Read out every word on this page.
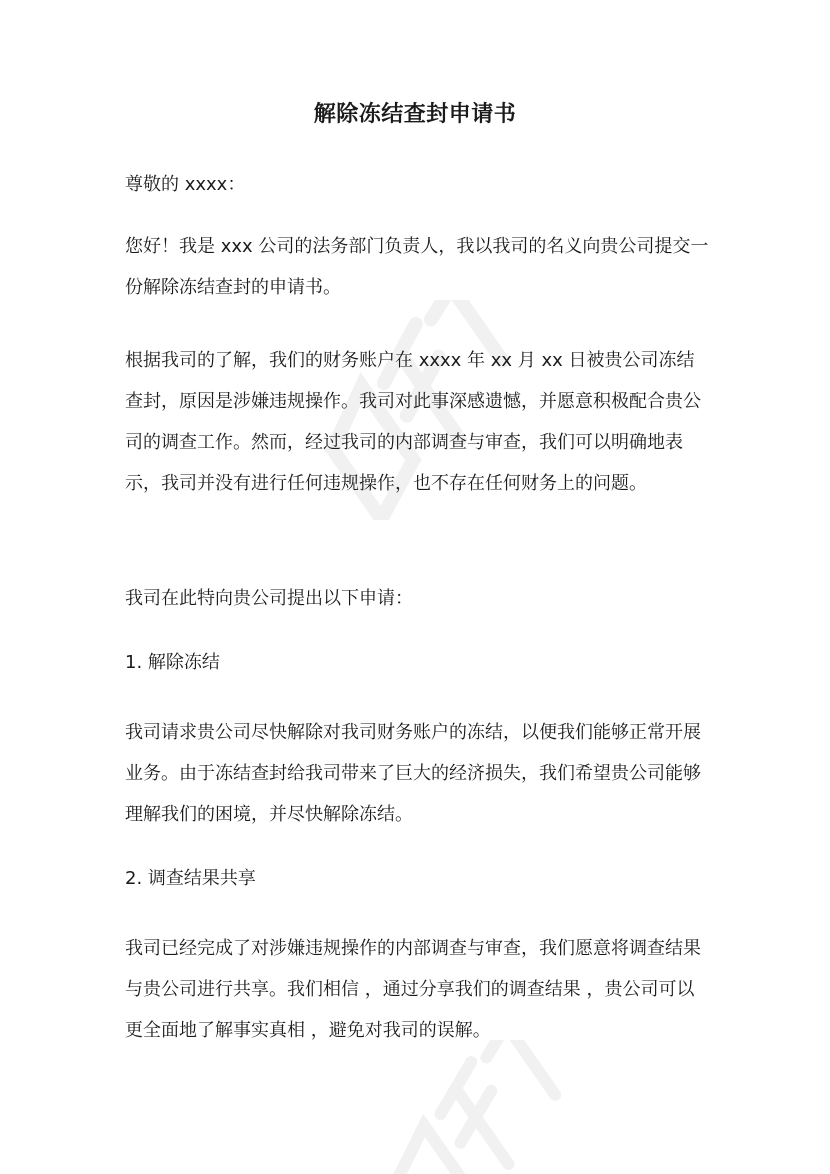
解除冻结查封申请书
尊敬的 xxxx：
您好！我是 xxx 公司的法务部门负责人，我以我司的名义向贵公司提交一份解除冻结查封的申请书。
根据我司的了解，我们的财务账户在 xxxx 年 xx 月 xx 日被贵公司冻结查封，原因是涉嫌违规操作。我司对此事深感遗憾，并愿意积极配合贵公司的调查工作。然而，经过我司的内部调查与审查，我们可以明确地表示，我司并没有进行任何违规操作，也不存在任何财务上的问题。
我司在此特向贵公司提出以下申请：
1. 解除冻结
我司请求贵公司尽快解除对我司财务账户的冻结，以便我们能够正常开展业务。由于冻结查封给我司带来了巨大的经济损失，我们希望贵公司能够理解我们的困境，并尽快解除冻结。
2. 调查结果共享
我司已经完成了对涉嫌违规操作的内部调查与审查，我们愿意将调查结果与贵公司进行共享。我们相信 ，通过分享我们的调查结果 ，贵公司可以更全面地了解事实真相 ，避免对我司的误解。
